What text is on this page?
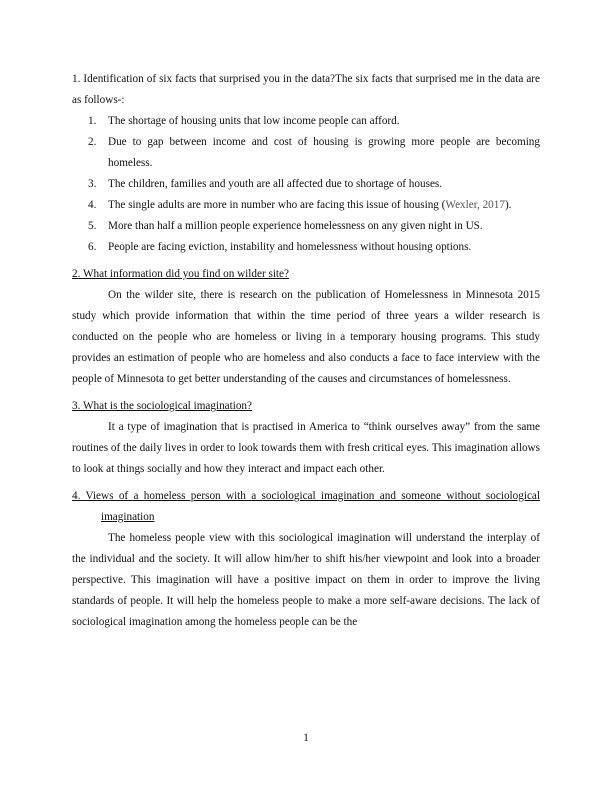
1. Identification of six facts that surprised you in the data?The six facts that surprised me in the data are as follows-:

1. The shortage of housing units that low income people can afford.
2. Due to gap between income and cost of housing is growing more people are becoming homeless.
3. The children, families and youth are all affected due to shortage of houses.
4. The single adults are more in number who are facing this issue of housing (Wexler, 2017).
5. More than half a million people experience homelessness on any given night in US.
6. People are facing eviction, instability and homelessness without housing options.

2. What information did you find on wilder site?

On the wilder site, there is research on the publication of Homelessness in Minnesota 2015 study which provide information that within the time period of three years a wilder research is conducted on the people who are homeless or living in a temporary housing programs. This study provides an estimation of people who are homeless and also conducts a face to face interview with the people of Minnesota to get better understanding of the causes and circumstances of homelessness.

3. What is the sociological imagination?

It a type of imagination that is practised in America to “think ourselves away” from the same routines of the daily lives in order to look towards them with fresh critical eyes. This imagination allows to look at things socially and how they interact and impact each other.

4. Views of a homeless person with a sociological imagination and someone without sociological imagination

The homeless people view with this sociological imagination will understand the interplay of the individual and the society. It will allow him/her to shift his/her viewpoint and look into a broader perspective. This imagination will have a positive impact on them in order to improve the living standards of people. It will help the homeless people to make a more self-aware decisions. The lack of sociological imagination among the homeless people can be the

1
